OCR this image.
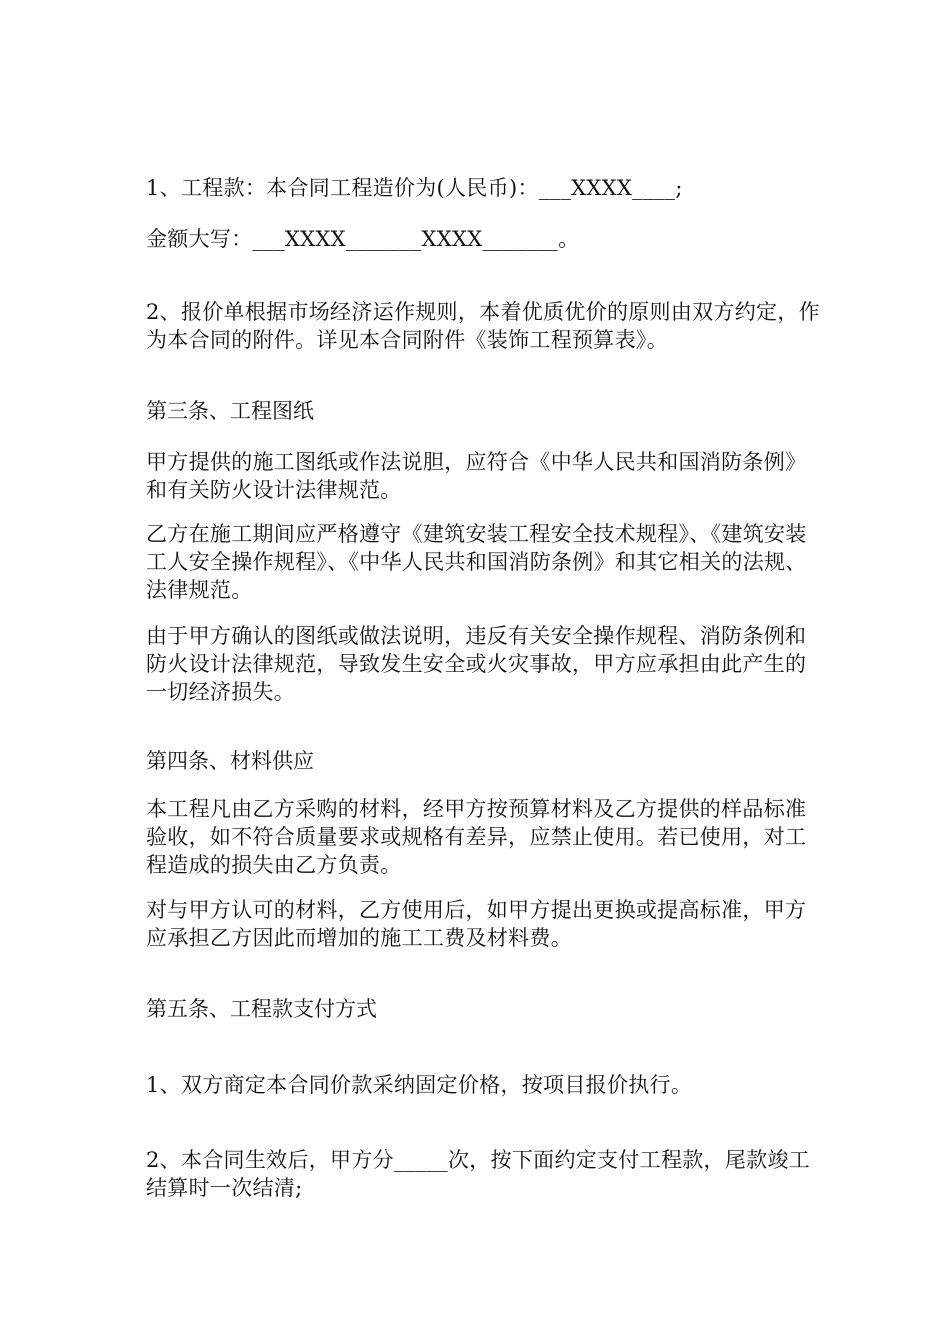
1、工程款：本合同工程造价为(人民币)：___XXXX____;

金额大写：___XXXX_______XXXX_______。

2、报价单根据市场经济运作规则，本着优质优价的原则由双方约定，作为本合同的附件。详见本合同附件《装饰工程预算表》。

第三条、工程图纸

甲方提供的施工图纸或作法说胆，应符合《中华人民共和国消防条例》和有关防火设计法律规范。

乙方在施工期间应严格遵守《建筑安装工程安全技术规程》、《建筑安装工人安全操作规程》、《中华人民共和国消防条例》和其它相关的法规、法律规范。

由于甲方确认的图纸或做法说明，违反有关安全操作规程、消防条例和防火设计法律规范，导致发生安全或火灾事故，甲方应承担由此产生的一切经济损失。

第四条、材料供应

本工程凡由乙方采购的材料，经甲方按预算材料及乙方提供的样品标准验收，如不符合质量要求或规格有差异，应禁止使用。若已使用，对工程造成的损失由乙方负责。

对与甲方认可的材料，乙方使用后，如甲方提出更换或提高标准，甲方应承担乙方因此而增加的施工工费及材料费。

第五条、工程款支付方式

1、双方商定本合同价款采纳固定价格，按项目报价执行。

2、本合同生效后，甲方分_____次，按下面约定支付工程款，尾款竣工结算时一次结清;
